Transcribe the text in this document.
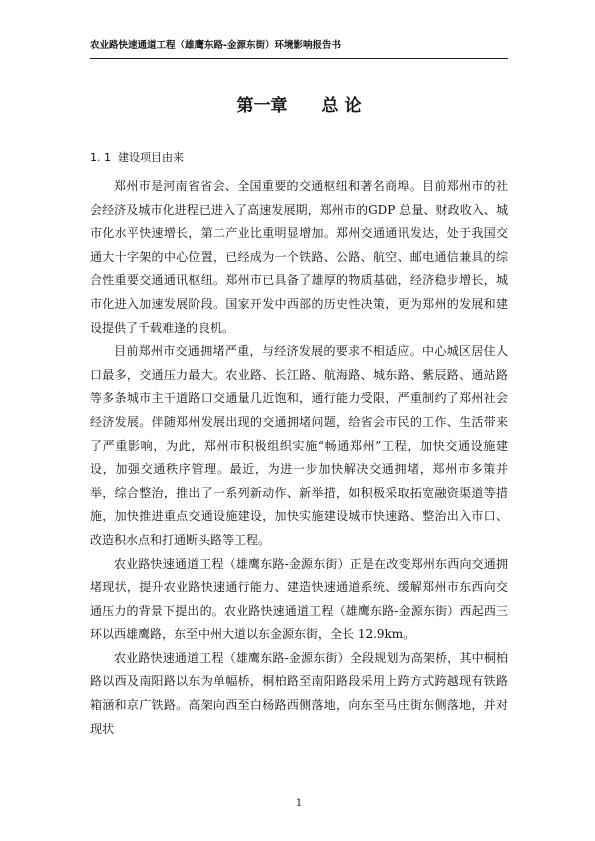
农业路快速通道工程（雄鹰东路-金源东街）环境影响报告书
第一章　　总 论
1. 1  建设项目由来

郑州市是河南省省会、全国重要的交通枢纽和著名商埠。目前郑州市的社会经济及城市化进程已进入了高速发展期，郑州市的GDP 总量、财政收入、城市化水平快速增长，第二产业比重明显增加。郑州交通通讯发达，处于我国交通大十字架的中心位置，已经成为一个铁路、公路、航空、邮电通信兼具的综合性重要交通通讯枢纽。郑州市已具备了雄厚的物质基础，经济稳步增长，城市化进入加速发展阶段。国家开发中西部的历史性决策，更为郑州的发展和建设提供了千载难逢的良机。

目前郑州市交通拥堵严重，与经济发展的要求不相适应。中心城区居住人口最多，交通压力最大。农业路、长江路、航海路、城东路、紫辰路、通站路等多条城市主干道路口交通量几近饱和，通行能力受限，严重制约了郑州社会经济发展。伴随郑州发展出现的交通拥堵问题，给省会市民的工作、生活带来了严重影响，为此，郑州市积极组织实施“畅通郑州”工程，加快交通设施建设，加强交通秩序管理。最近，为进一步加快解决交通拥堵，郑州市多策并举，综合整治，推出了一系列新动作、新举措，如积极采取拓宽融资渠道等措施，加快推进重点交通设施建设，加快实施建设城市快速路、整治出入市口、改造积水点和打通断头路等工程。

农业路快速通道工程（雄鹰东路-金源东街）正是在改变郑州东西向交通拥堵现状，提升农业路快速通行能力、建造快速通道系统、缓解郑州市东西向交通压力的背景下提出的。农业路快速通道工程（雄鹰东路-金源东街）西起西三环以西雄鹰路，东至中州大道以东金源东街，全长 12.9km。

农业路快速通道工程（雄鹰东路-金源东街）全段规划为高架桥，其中桐柏路以西及南阳路以东为单幅桥，桐柏路至南阳路段采用上跨方式跨越现有铁路箱涵和京广铁路。高架向西至白杨路西侧落地，向东至马庄街东侧落地，并对现状

1
